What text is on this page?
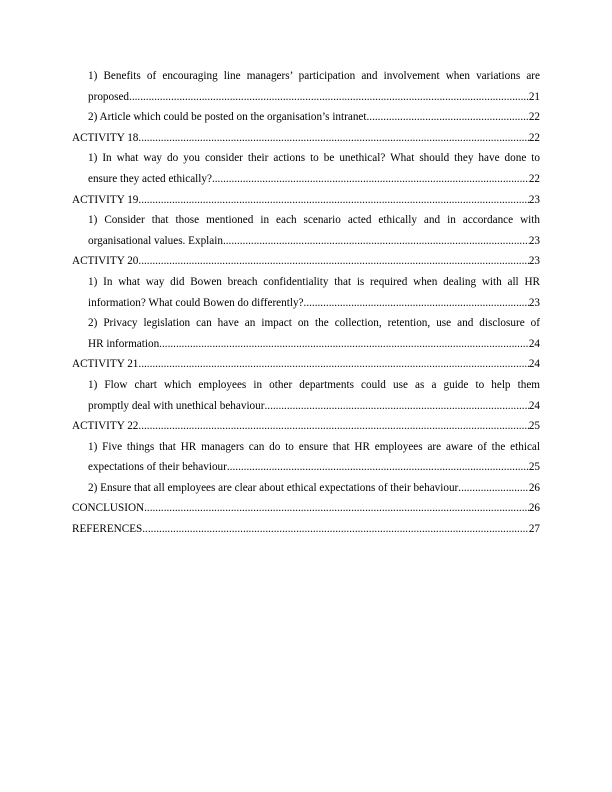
1) Benefits of encouraging line managers’ participation and involvement when variations are
proposed .....	21
2) Article which could be posted on the organisation’s intranet .....	22
ACTIVITY 18 .....	22
1) In what way do you consider their actions to be unethical? What should they have done to
ensure they acted ethically? .....	22
ACTIVITY 19 .....	23
1) Consider that those mentioned in each scenario acted ethically and in accordance with
organisational values. Explain .....	23
ACTIVITY 20 .....	23
1) In what way did Bowen breach confidentiality that is required when dealing with all HR
information? What could Bowen do differently? .....	23
2) Privacy legislation can have an impact on the collection, retention, use and disclosure of
HR information .....	24
ACTIVITY 21 .....	24
1) Flow chart which employees in other departments could use as a guide to help them
promptly deal with unethical behaviour .....	24
ACTIVITY 22 .....	25
1) Five things that HR managers can do to ensure that HR employees are aware of the ethical
expectations of their behaviour .....	25
2) Ensure that all employees are clear about ethical expectations of their behaviour .....	26
CONCLUSION .....	26
REFERENCES .....	27
